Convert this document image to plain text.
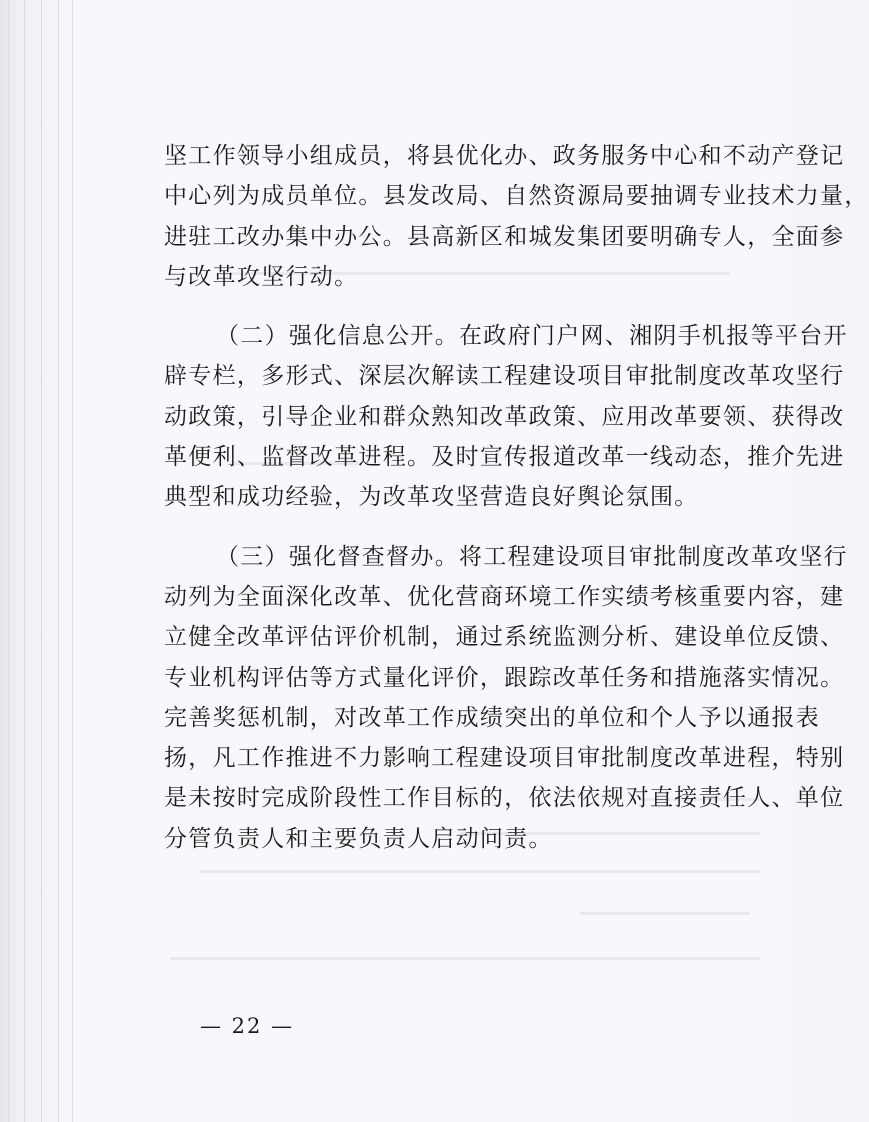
坚工作领导小组成员，将县优化办、政务服务中心和不动产登记
中心列为成员单位。县发改局、自然资源局要抽调专业技术力量，
进驻工改办集中办公。县高新区和城发集团要明确专人，全面参
与改革攻坚行动。
（二）强化信息公开。在政府门户网、湘阴手机报等平台开
辟专栏，多形式、深层次解读工程建设项目审批制度改革攻坚行
动政策，引导企业和群众熟知改革政策、应用改革要领、获得改
革便利、监督改革进程。及时宣传报道改革一线动态，推介先进
典型和成功经验，为改革攻坚营造良好舆论氛围。
（三）强化督查督办。将工程建设项目审批制度改革攻坚行
动列为全面深化改革、优化营商环境工作实绩考核重要内容，建
立健全改革评估评价机制，通过系统监测分析、建设单位反馈、
专业机构评估等方式量化评价，跟踪改革任务和措施落实情况。
完善奖惩机制，对改革工作成绩突出的单位和个人予以通报表
扬，凡工作推进不力影响工程建设项目审批制度改革进程，特别
是未按时完成阶段性工作目标的，依法依规对直接责任人、单位
分管负责人和主要负责人启动问责。
— 22 —
